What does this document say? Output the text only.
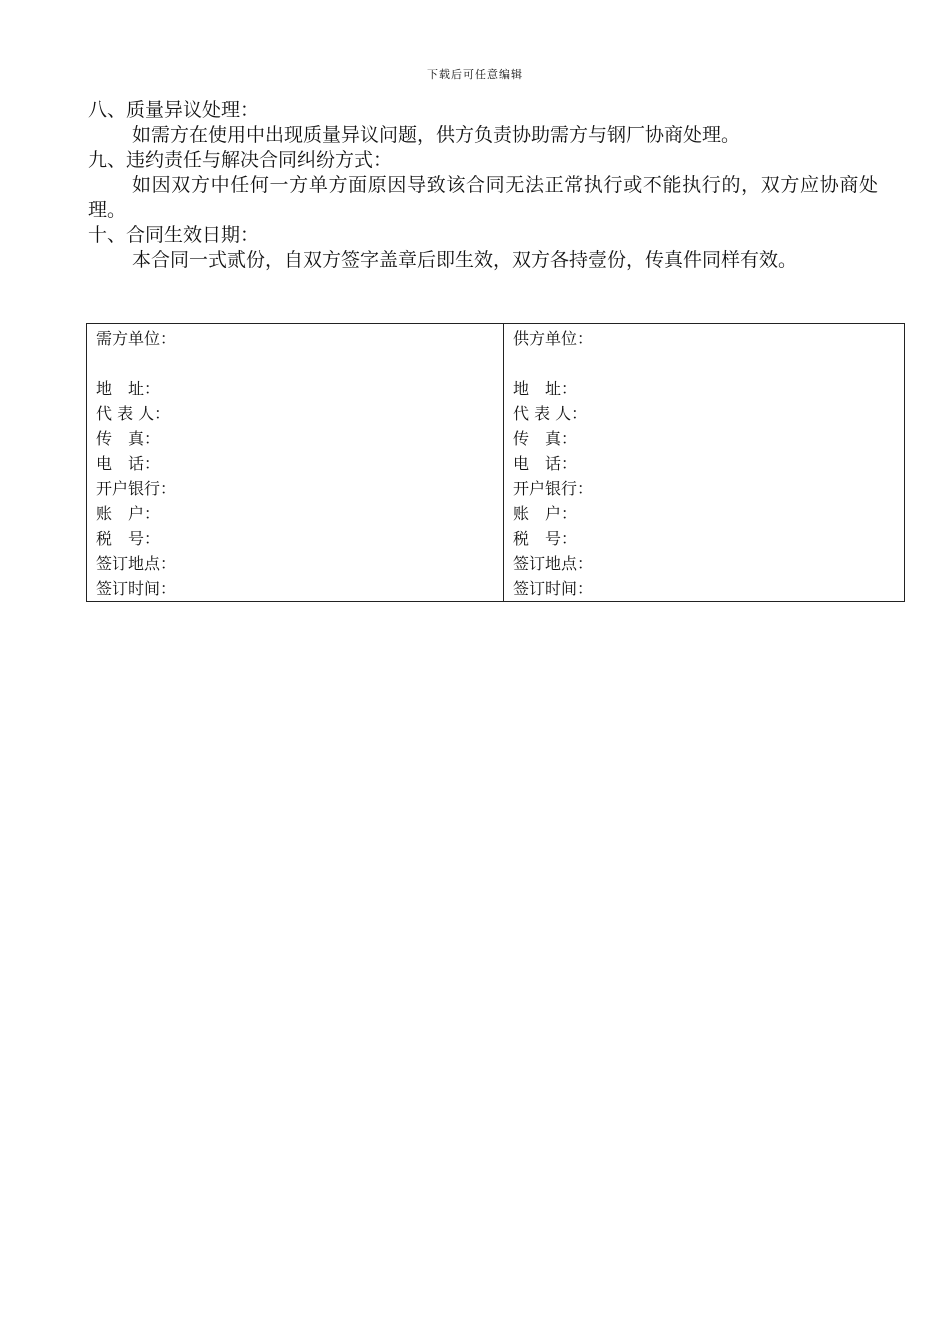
下载后可任意编辑

八、质量异议处理：

如需方在使用中出现质量异议问题，供方负责协助需方与钢厂协商处理。

九、违约责任与解决合同纠纷方式：

如因双方中任何一方单方面原因导致该合同无法正常执行或不能执行的，双方应协商处理。

十、合同生效日期：

本合同一式贰份，自双方签字盖章后即生效，双方各持壹份，传真件同样有效。

需方单位：
地　址：
代 表 人：
传　真：
电　话：
开户银行：
账　户：
税　号：
签订地点：
签订时间：

供方单位：
地　址：
代 表 人：
传　真：
电　话：
开户银行：
账　户：
税　号：
签订地点：
签订时间：
